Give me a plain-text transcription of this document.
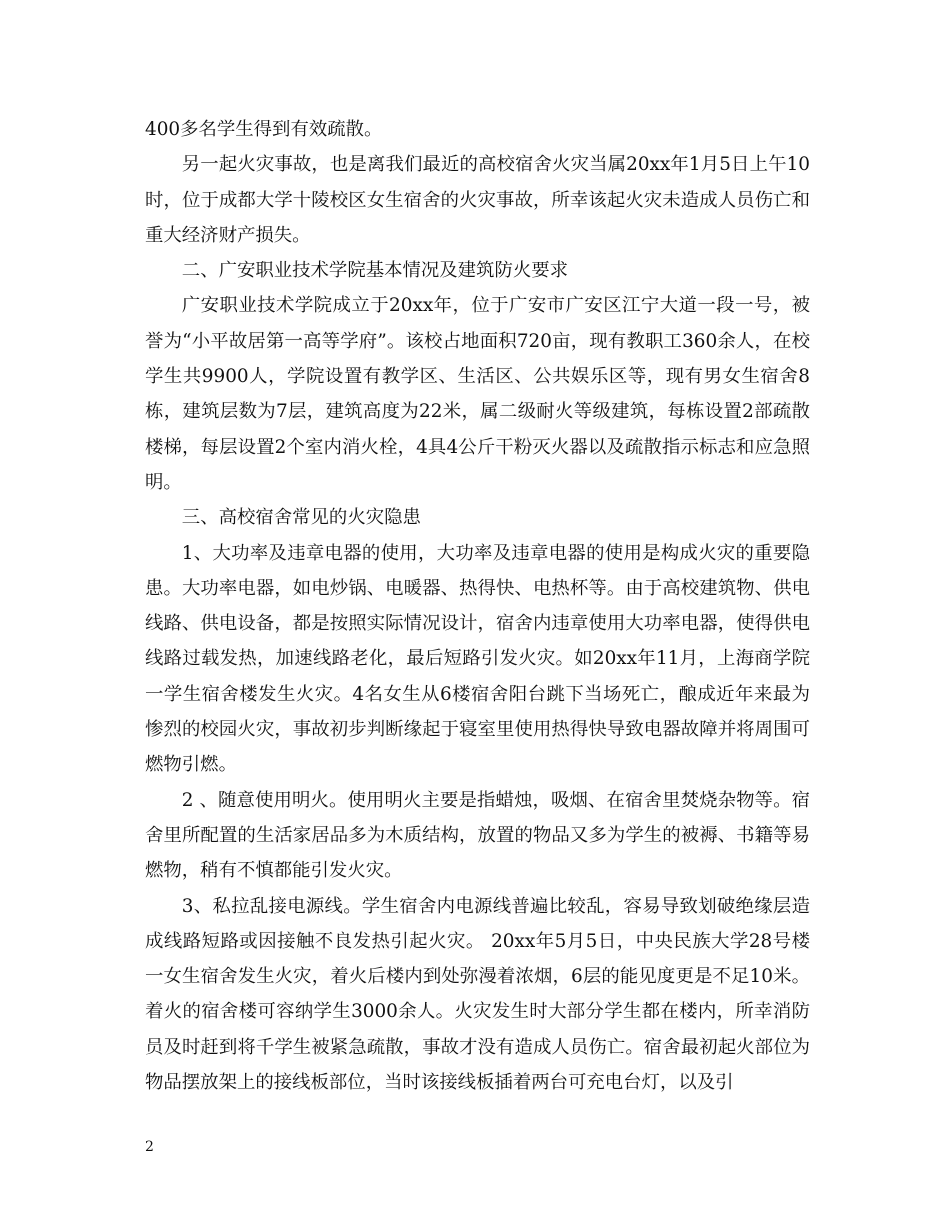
400多名学生得到有效疏散。

另一起火灾事故，也是离我们最近的高校宿舍火灾当属20xx年1月5日上午10时，位于成都大学十陵校区女生宿舍的火灾事故，所幸该起火灾未造成人员伤亡和重大经济财产损失。

二、广安职业技术学院基本情况及建筑防火要求

广安职业技术学院成立于20xx年，位于广安市广安区江宁大道一段一号，被誉为“小平故居第一高等学府”。该校占地面积720亩，现有教职工360余人，在校学生共9900人，学院设置有教学区、生活区、公共娱乐区等，现有男女生宿舍8 栋，建筑层数为7层，建筑高度为22米，属二级耐火等级建筑，每栋设置2部疏散楼梯，每层设置2个室内消火栓，4具4公斤干粉灭火器以及疏散指示标志和应急照明。

三、高校宿舍常见的火灾隐患

1、大功率及违章电器的使用，大功率及违章电器的使用是构成火灾的重要隐患。大功率电器，如电炒锅、电暖器、热得快、电热杯等。由于高校建筑物、供电线路、供电设备，都是按照实际情况设计，宿舍内违章使用大功率电器，使得供电线路过载发热，加速线路老化，最后短路引发火灾。如20xx年11月，上海商学院一学生宿舍楼发生火灾。4名女生从6楼宿舍阳台跳下当场死亡，酿成近年来最为惨烈的校园火灾，事故初步判断缘起于寝室里使用热得快导致电器故障并将周围可燃物引燃。

2 、随意使用明火。使用明火主要是指蜡烛，吸烟、在宿舍里焚烧杂物等。宿舍里所配置的生活家居品多为木质结构，放置的物品又多为学生的被褥、书籍等易燃物，稍有不慎都能引发火灾。

3、私拉乱接电源线。学生宿舍内电源线普遍比较乱，容易导致划破绝缘层造成线路短路或因接触不良发热引起火灾。 20xx年5月5日，中央民族大学28号楼一女生宿舍发生火灾，着火后楼内到处弥漫着浓烟，6层的能见度更是不足10米。着火的宿舍楼可容纳学生3000余人。火灾发生时大部分学生都在楼内，所幸消防员及时赶到将千学生被紧急疏散，事故才没有造成人员伤亡。宿舍最初起火部位为物品摆放架上的接线板部位，当时该接线板插着两台可充电台灯，以及引

2
